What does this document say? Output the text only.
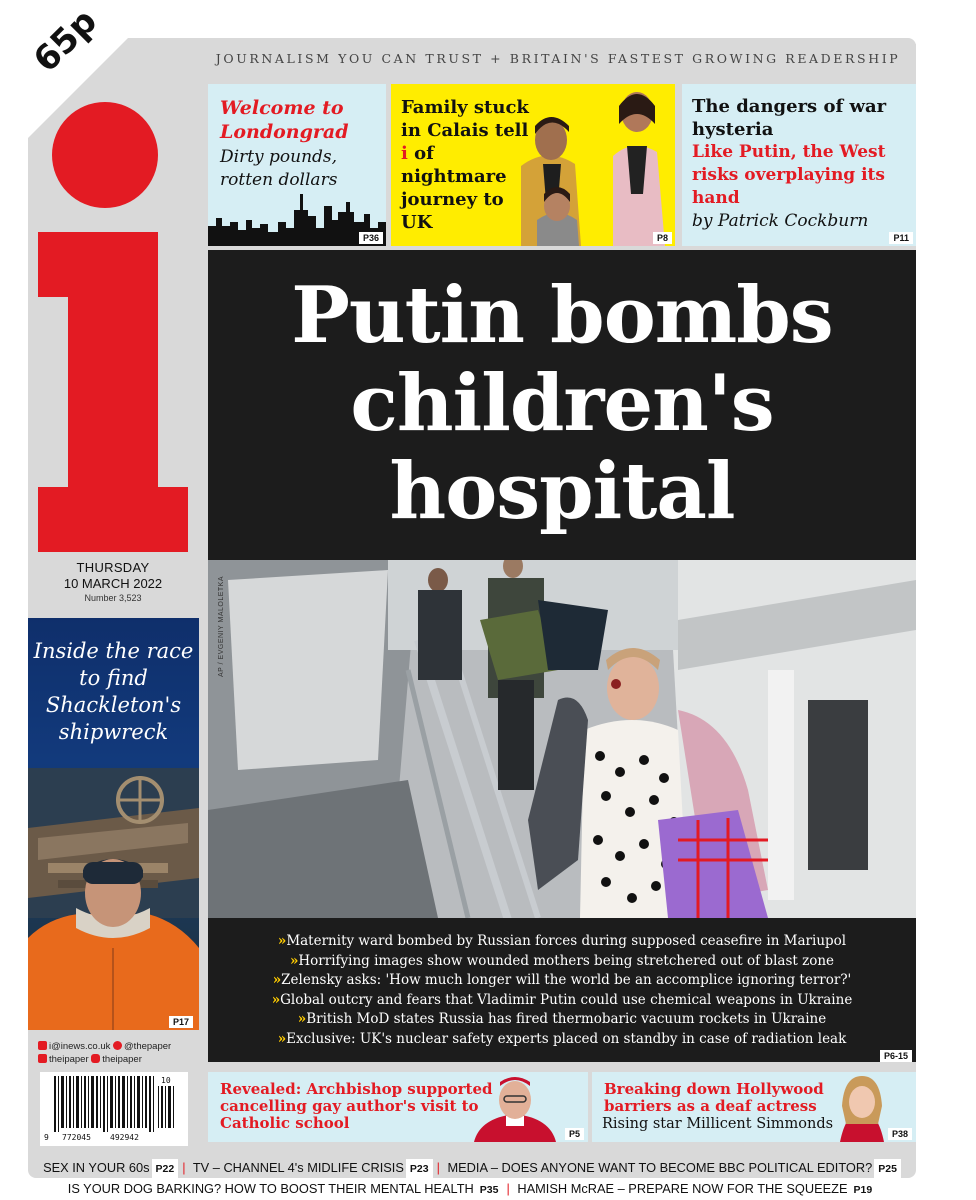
JOURNALISM YOU CAN TRUST + BRITAIN'S FASTEST GROWING READERSHIP
65p
THURSDAY
10 MARCH 2022
Number 3,523
Inside the race to find Shackleton's shipwreck
P17
i@inews.co.uk @thepaper
theipaper theipaper
9 772045 492942
10
Welcome to Londongrad
Dirty pounds, rotten dollars
P36
Family stuck in Calais tell i of nightmare journey to UK
P8
The dangers of war hysteria
Like Putin, the West risks overplaying its hand
by Patrick Cockburn
P11
Putin bombs children's hospital
AP / EVGENIY MALOLETKA
»Maternity ward bombed by Russian forces during supposed ceasefire in Mariupol
»Horrifying images show wounded mothers being stretchered out of blast zone
»Zelensky asks: 'How much longer will the world be an accomplice ignoring terror?'
»Global outcry and fears that Vladimir Putin could use chemical weapons in Ukraine
»British MoD states Russia has fired thermobaric vacuum rockets in Ukraine
»Exclusive: UK's nuclear safety experts placed on standby in case of radiation leak
P6-15
Revealed: Archbishop supported cancelling gay author's visit to Catholic school
P5
Breaking down Hollywood barriers as a deaf actress
Rising star Millicent Simmonds
P38
SEX IN YOUR 60s P22 | TV – CHANNEL 4's MIDLIFE CRISIS P23 | MEDIA – DOES ANYONE WANT TO BECOME BBC POLITICAL EDITOR? P25
IS YOUR DOG BARKING? HOW TO BOOST THEIR MENTAL HEALTH P35 | HAMISH McRAE – PREPARE NOW FOR THE SQUEEZE P19
